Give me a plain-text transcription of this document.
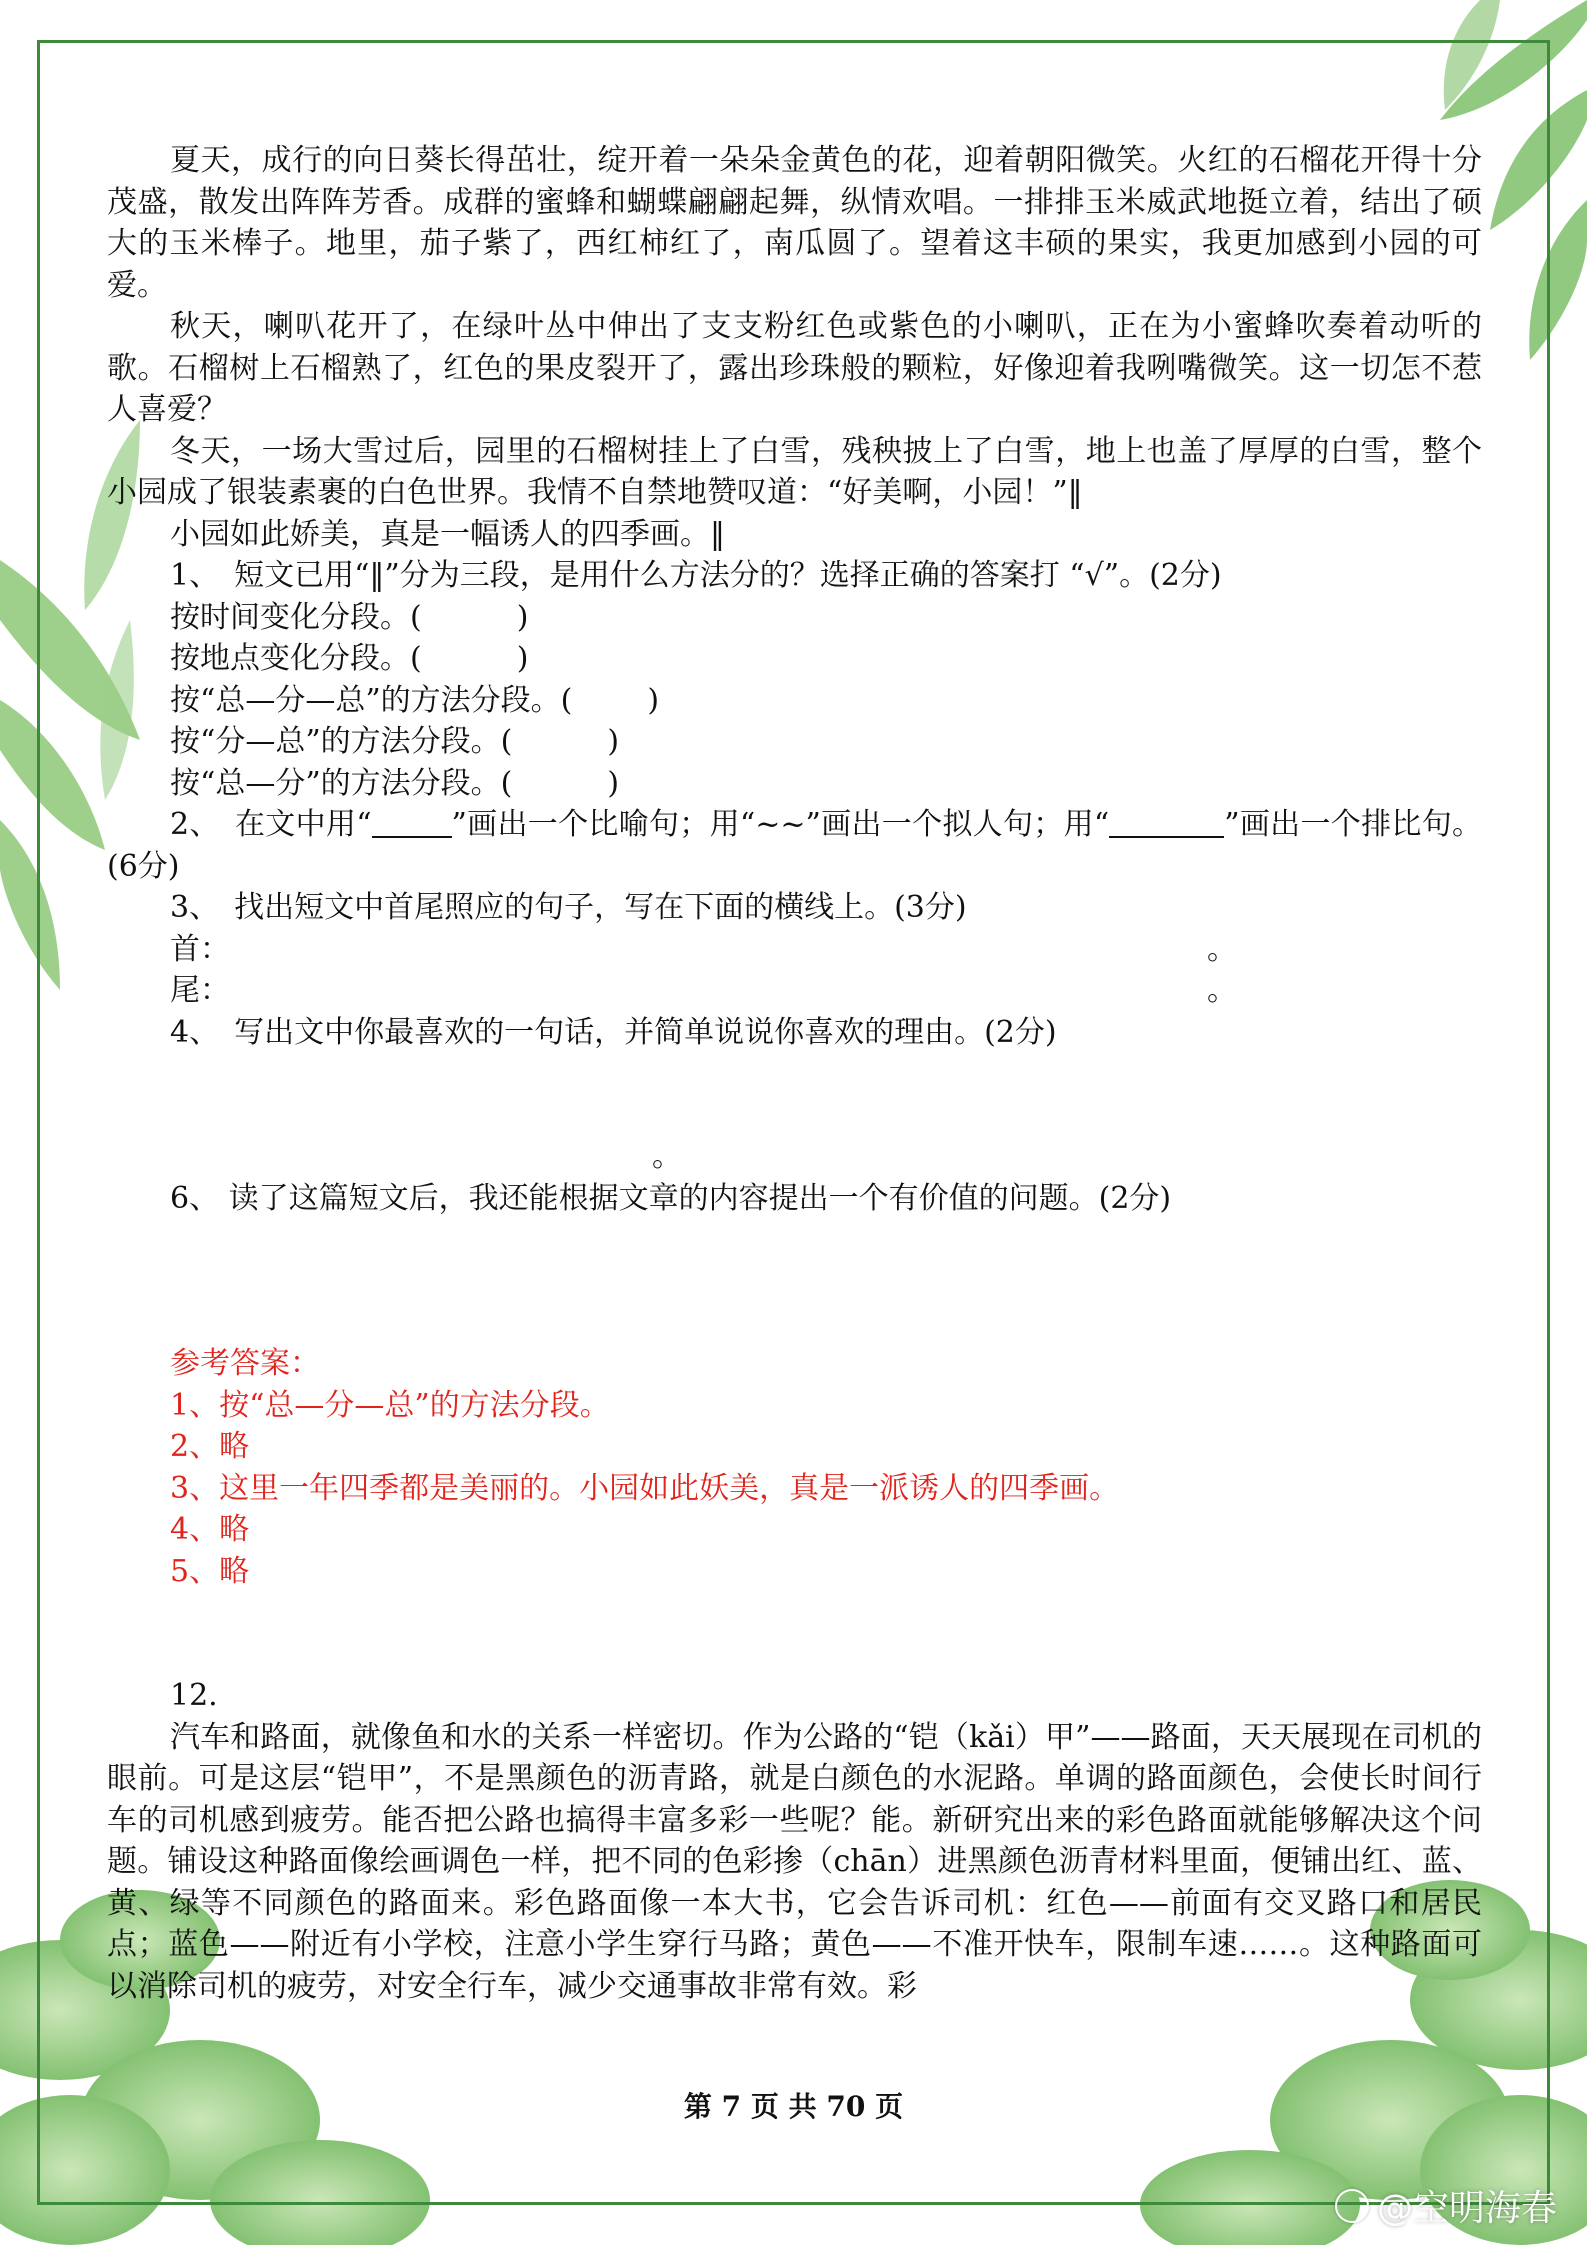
夏天，成行的向日葵长得茁壮，绽开着一朵朵金黄色的花，迎着朝阳微笑。火红的石榴花开得十分茂盛，散发出阵阵芳香。成群的蜜蜂和蝴蝶翩翩起舞，纵情欢唱。一排排玉米威武地挺立着，结出了硕大的玉米棒子。地里，茄子紫了，西红柿红了，南瓜圆了。望着这丰硕的果实，我更加感到小园的可爱。

秋天，喇叭花开了，在绿叶丛中伸出了支支粉红色或紫色的小喇叭，正在为小蜜蜂吹奏着动听的歌。石榴树上石榴熟了，红色的果皮裂开了，露出珍珠般的颗粒，好像迎着我咧嘴微笑。这一切怎不惹人喜爱？

冬天，一场大雪过后，园里的石榴树挂上了白雪，残秧披上了白雪，地上也盖了厚厚的白雪，整个小园成了银装素裹的白色世界。我情不自禁地赞叹道：“好美啊，小园！”‖

小园如此娇美，真是一幅诱人的四季画。‖

1、　短文已用“‖”分为三段，是用什么方法分的？选择正确的答案打 “√”。(2分)

按时间变化分段。(	)

按地点变化分段。(	)

按“总—分—总”的方法分段。(	)

按“分—总”的方法分段。(	)

按“总—分”的方法分段。(	)

2、　在文中用“	”画出一个比喻句；用“~~”画出一个拟人句；用“	”画出一个排比句。(6分)

3、　找出短文中首尾照应的句子，写在下面的横线上。(3分)

首：	。

尾：	。

4、　写出文中你最喜欢的一句话，并简单说说你喜欢的理由。(2分)

。

6、 读了这篇短文后，我还能根据文章的内容提出一个有价值的问题。(2分)

参考答案：

1、按“总—分—总”的方法分段。

2、略

3、这里一年四季都是美丽的。小园如此妖美，真是一派诱人的四季画。

4、略

5、略

12.

汽车和路面，就像鱼和水的关系一样密切。作为公路的“铠（kǎi）甲”——路面，天天展现在司机的眼前。可是这层“铠甲”，不是黑颜色的沥青路，就是白颜色的水泥路。单调的路面颜色，会使长时间行车的司机感到疲劳。能否把公路也搞得丰富多彩一些呢？能。新研究出来的彩色路面就能够解决这个问题。铺设这种路面像绘画调色一样，把不同的色彩掺（chān）进黑颜色沥青材料里面，便铺出红、蓝、黄、绿等不同颜色的路面来。彩色路面像一本大书，它会告诉司机：红色——前面有交叉路口和居民点；蓝色——附近有小学校，注意小学生穿行马路；黄色——不准开快车，限制车速……。这种路面可以消除司机的疲劳，对安全行车，减少交通事故非常有效。彩

第 7 页 共 70 页
@空明海春
